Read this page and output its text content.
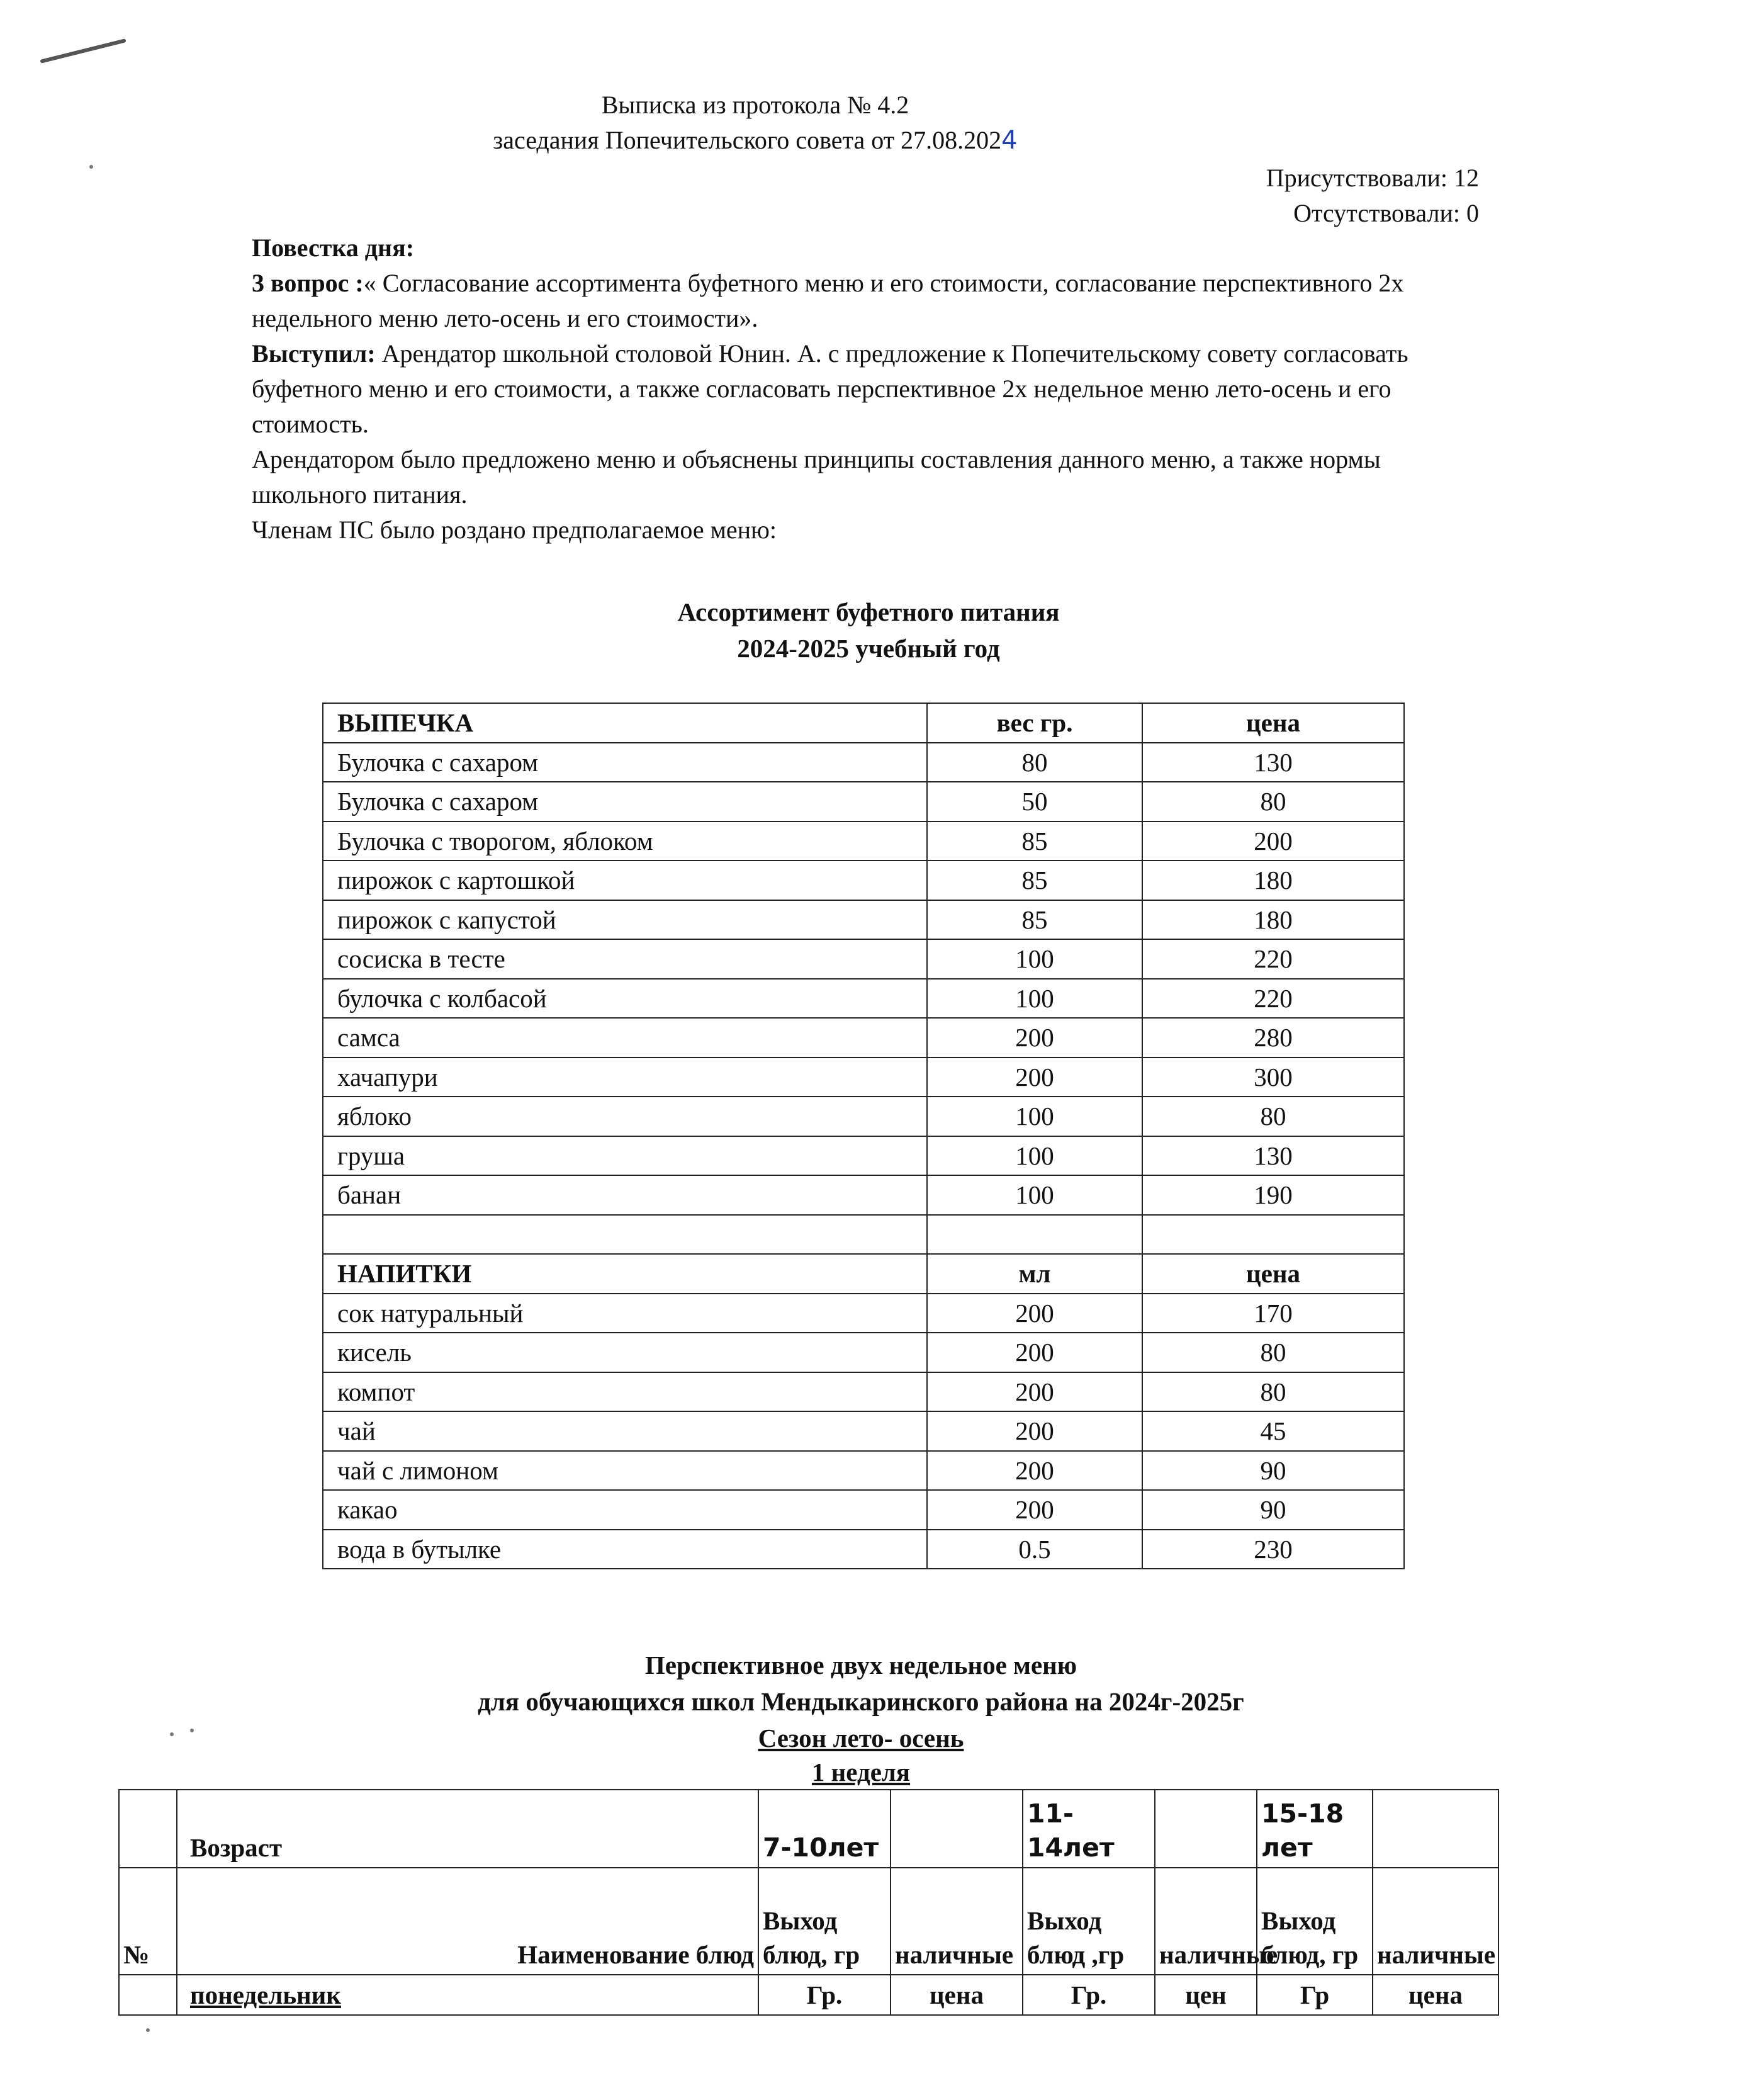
Выписка из протокола № 4.2
заседания Попечительского совета от 27.08.2024
Присутствовали: 12
Отсутствовали: 0

Повестка дня:

3 вопрос :« Согласование ассортимента буфетного меню и его стоимости, согласование перспективного 2х недельного меню лето-осень и его стоимости».

Выступил: Арендатор школьной столовой Юнин. А. с предложение к Попечительскому совету согласовать буфетного меню и его стоимости, а также согласовать перспективное 2х недельное меню лето-осень и его стоимость.

Арендатором было предложено меню и объяснены принципы составления данного меню, а также нормы школьного питания.

Членам ПС было роздано предполагаемое меню:

Ассортимент буфетного питания
2024-2025 учебный год
ВЫПЕЧКА	вес гр.	цена
Булочка с сахаром	80	130
Булочка с сахаром	50	80
Булочка с творогом, яблоком	85	200
пирожок с картошкой	85	180
пирожок с капустой	85	180
сосиска в тесте	100	220
булочка с колбасой	100	220
самса	200	280
хачапури	200	300
яблоко	100	80
груша	100	130
банан	100	190

НАПИТКИ	мл	цена
сок натуральный	200	170
кисель	200	80
компот	200	80
чай	200	45
чай с лимоном	200	90
какао	200	90
вода в бутылке	0.5	230
Перспективное двух недельное меню
для обучающихся школ Мендыкаринского района на 2024г-2025г
Сезон лето- осень
1 неделя
	Возраст	7-10лет		11-14лет		15-18 лет	
№	Наименование блюд	Выход блюд, гр	наличные	Выход блюд ,гр	наличные	Выход блюд, гр	наличные
	понедельник	Гр.	цена	Гр.	цен	Гр	цена
